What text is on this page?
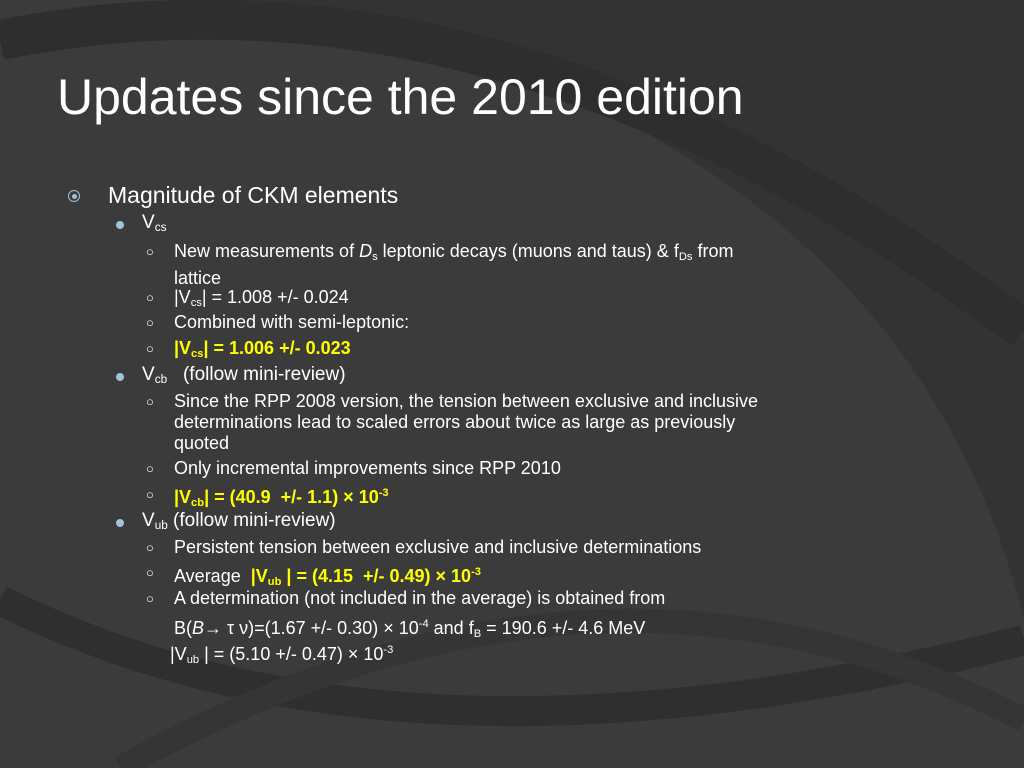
Updates since the 2010 edition
Magnitude of CKM elements
$V_{cs}$
○ New measurements of $D_s$ leptonic decays (muons and taus) & $f_{Ds}$ from
lattice
○ $|V_{cs}| = 1.008$ +/- 0.024
○ Combined with semi-leptonic:
○ $|V_{cs}| = 1.006$ +/- 0.023
$V_{cb}$   (follow mini-review)
○ Since the RPP 2008 version, the tension between exclusive and inclusive
determinations lead to scaled errors about twice as large as previously
quoted
○ Only incremental improvements since RPP 2010
○ $|V_{cb}| = (40.9$  +/- $1.1) \times 10^{-3}$
$V_{ub}$ (follow mini-review)
○ Persistent tension between exclusive and inclusive determinations
○ Average  $|V_{ub}$ | = (4.15  +/- $0.49) \times 10^{-3}$
○ A determination (not included in the average) is obtained from
B(B→ τ ν)=(1.67 +/- $0.30) \times 10^{-4}$ and $f_B = 190.6$ +/- 4.6 MeV
$|V_{ub}$ | = (5.10 +/- $0.47) \times 10^{-3}$
